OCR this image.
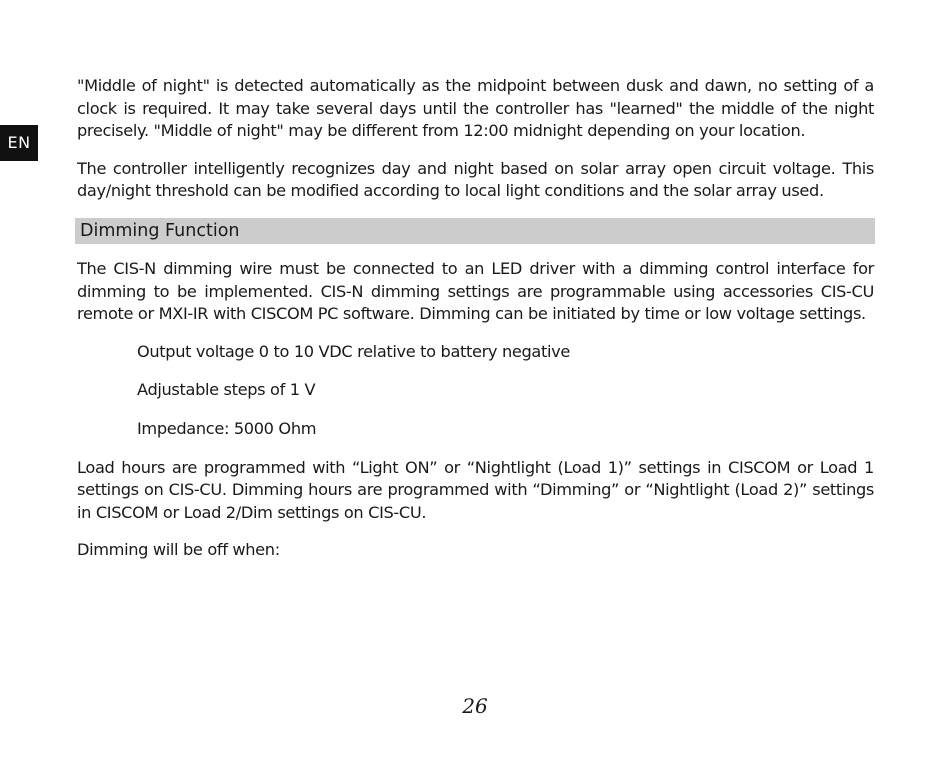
EN

"Middle of night" is detected automatically as the midpoint between dusk and dawn, no setting of a clock is required. It may take several days until the controller has "learned" the middle of the night precisely. "Middle of night" may be different from 12:00 midnight depending on your location.

The controller intelligently recognizes day and night based on solar array open circuit voltage. This day/night threshold can be modified according to local light conditions and the solar array used.

Dimming Function

The CIS-N dimming wire must be connected to an LED driver with a dimming control interface for dimming to be implemented. CIS-N dimming settings are programmable using accessories CIS-CU remote or MXI-IR with CISCOM PC software. Dimming can be initiated by time or low voltage settings.

Output voltage 0 to 10 VDC relative to battery negative

Adjustable steps of 1 V

Impedance: 5000 Ohm

Load hours are programmed with “Light ON” or “Nightlight (Load 1)” settings in CISCOM or Load 1 settings on CIS-CU. Dimming hours are programmed with “Dimming” or “Nightlight (Load 2)” settings in CISCOM or Load 2/Dim settings on CIS-CU.

Dimming will be off when:

26
